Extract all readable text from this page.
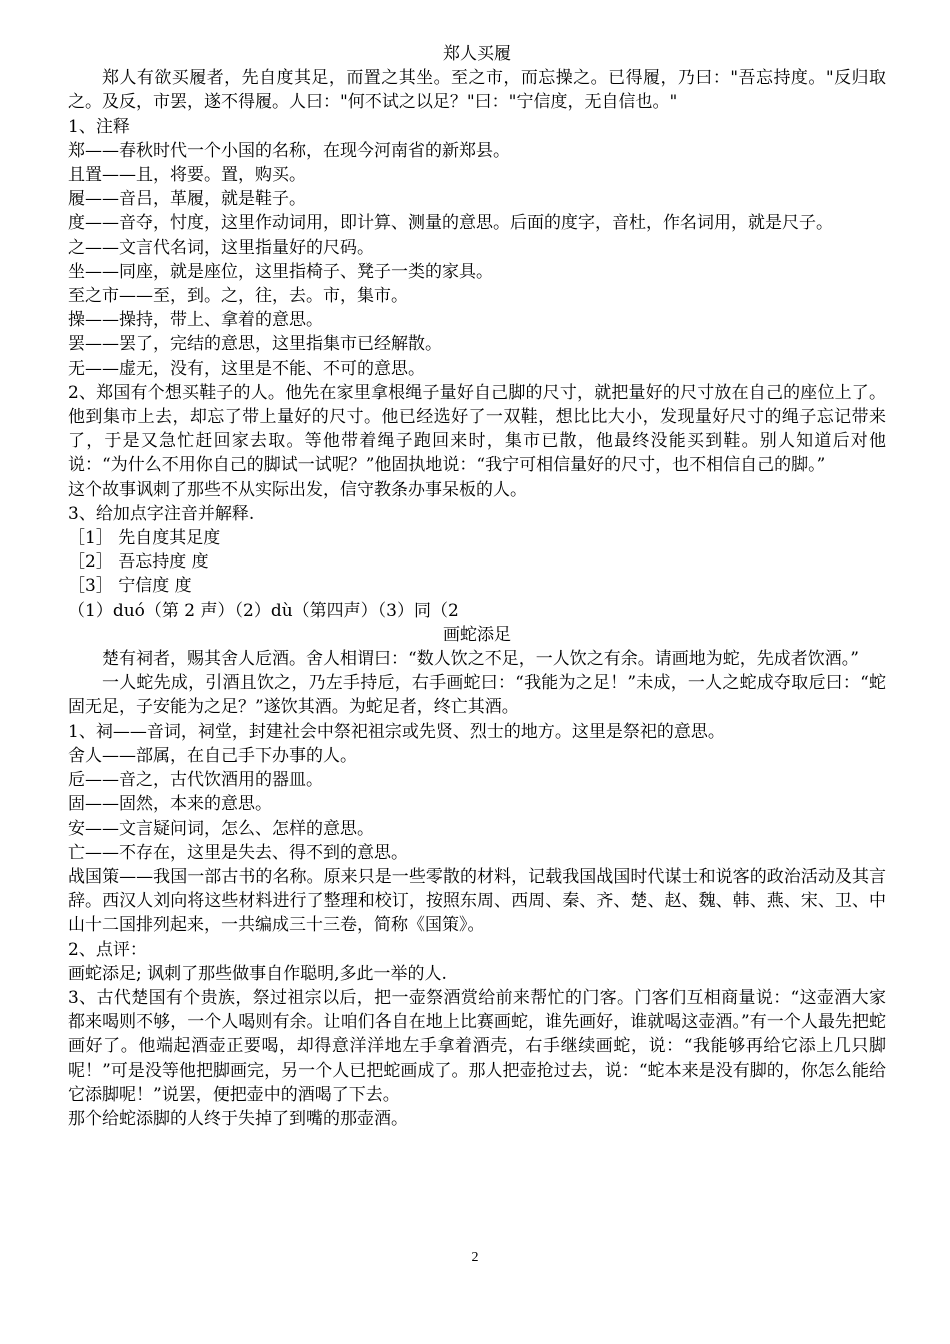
郑人买履

郑人有欲买履者，先自度其足，而置之其坐。至之市，而忘操之。已得履，乃曰："吾忘持度。"反归取之。及反，市罢，遂不得履。人曰："何不试之以足？"曰："宁信度，无自信也。"

1、注释

郑——春秋时代一个小国的名称，在现今河南省的新郑县。

且置——且，将要。置，购买。

履——音吕，革履，就是鞋子。

度——音夺，忖度，这里作动词用，即计算、测量的意思。后面的度字，音杜，作名词用，就是尺子。

之——文言代名词，这里指量好的尺码。

坐——同座，就是座位，这里指椅子、凳子一类的家具。

至之市——至，到。之，往，去。市，集市。

操——操持，带上、拿着的意思。

罢——罢了，完结的意思，这里指集市已经解散。

无——虚无，没有，这里是不能、不可的意思。

2、郑国有个想买鞋子的人。他先在家里拿根绳子量好自己脚的尺寸，就把量好的尺寸放在自己的座位上了。他到集市上去，却忘了带上量好的尺寸。他已经选好了一双鞋，想比比大小，发现量好尺寸的绳子忘记带来了，于是又急忙赶回家去取。等他带着绳子跑回来时，集市已散，他最终没能买到鞋。别人知道后对他说：“为什么不用你自己的脚试一试呢？”他固执地说：“我宁可相信量好的尺寸，也不相信自己的脚。”

这个故事讽刺了那些不从实际出发，信守教条办事呆板的人。

3、给加点字注音并解释.

［1］ 先自度其足度

［2］ 吾忘持度 度

［3］ 宁信度 度

（1）duó（第 2 声）（2）dù（第四声）（3）同（2

画蛇添足

楚有祠者，赐其舍人卮酒。舍人相谓曰：“数人饮之不足，一人饮之有余。请画地为蛇，先成者饮酒。”

一人蛇先成，引酒且饮之，乃左手持卮，右手画蛇曰：“我能为之足！”未成，一人之蛇成夺取卮曰：“蛇固无足，子安能为之足？”遂饮其酒。为蛇足者，终亡其酒。

1、祠——音词，祠堂，封建社会中祭祀祖宗或先贤、烈士的地方。这里是祭祀的意思。

舍人——部属，在自己手下办事的人。

卮——音之，古代饮酒用的器皿。

固——固然，本来的意思。

安——文言疑问词，怎么、怎样的意思。

亡——不存在，这里是失去、得不到的意思。

战国策——我国一部古书的名称。原来只是一些零散的材料，记载我国战国时代谋士和说客的政治活动及其言辞。西汉人刘向将这些材料进行了整理和校订，按照东周、西周、秦、齐、楚、赵、魏、韩、燕、宋、卫、中山十二国排列起来，一共编成三十三卷，简称《国策》。

2、点评：

画蛇添足; 讽刺了那些做事自作聪明,多此一举的人.

3、古代楚国有个贵族，祭过祖宗以后，把一壶祭酒赏给前来帮忙的门客。门客们互相商量说：“这壶酒大家都来喝则不够，一个人喝则有余。让咱们各自在地上比赛画蛇，谁先画好，谁就喝这壶酒。”有一个人最先把蛇画好了。他端起酒壶正要喝，却得意洋洋地左手拿着酒壳，右手继续画蛇，说：“我能够再给它添上几只脚呢！”可是没等他把脚画完，另一个人已把蛇画成了。那人把壶抢过去，说：“蛇本来是没有脚的，你怎么能给它添脚呢！”说罢，便把壶中的酒喝了下去。

那个给蛇添脚的人终于失掉了到嘴的那壶酒。

2
